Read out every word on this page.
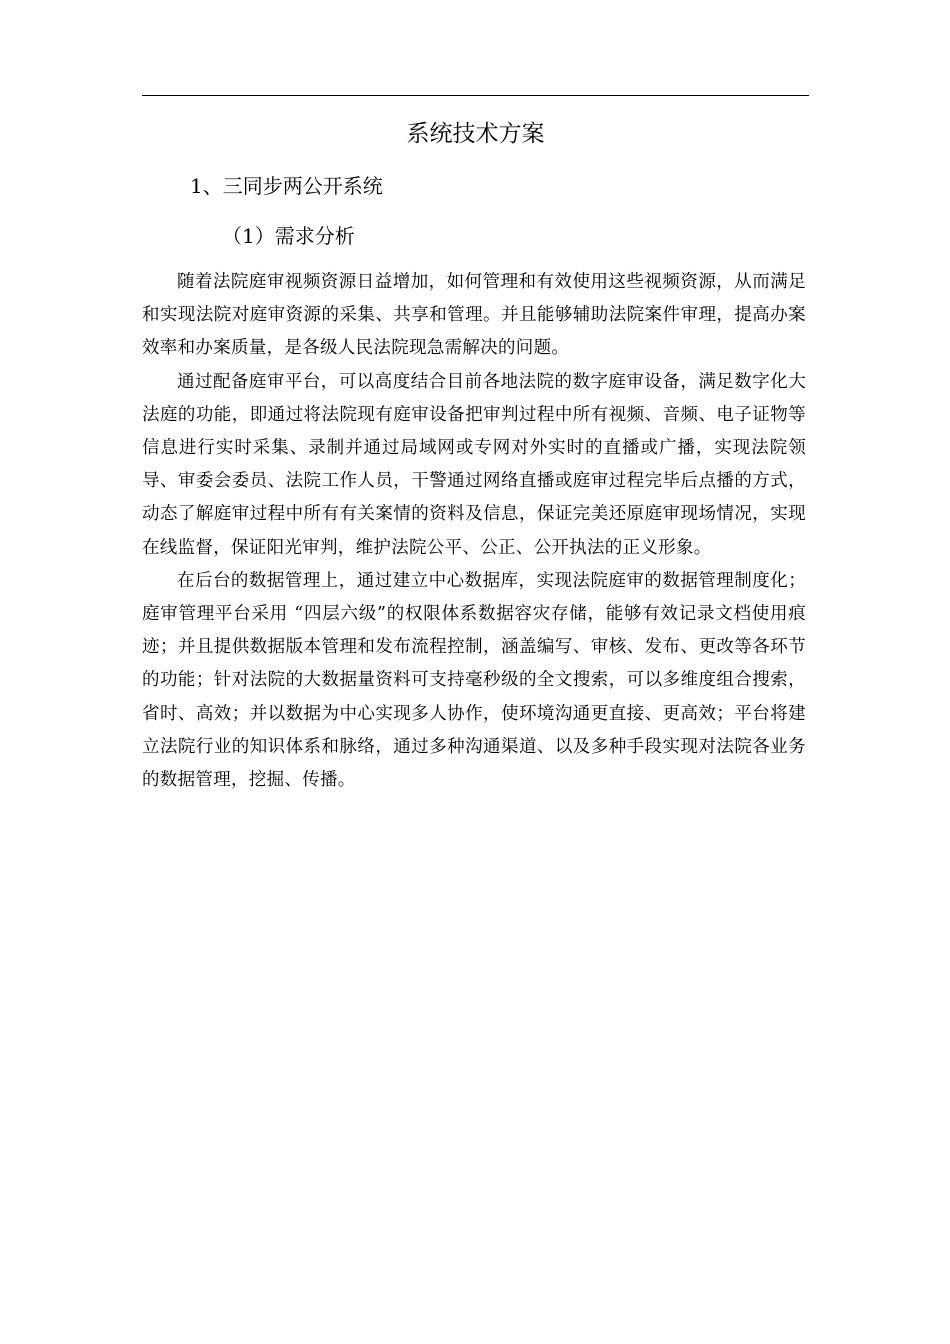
系统技术方案
1、三同步两公开系统
（1）需求分析

随着法院庭审视频资源日益增加，如何管理和有效使用这些视频资源，从而满足和实现法院对庭审资源的采集、共享和管理。并且能够辅助法院案件审理，提高办案效率和办案质量，是各级人民法院现急需解决的问题。

通过配备庭审平台，可以高度结合目前各地法院的数字庭审设备，满足数字化大法庭的功能，即通过将法院现有庭审设备把审判过程中所有视频、音频、电子证物等信息进行实时采集、录制并通过局域网或专网对外实时的直播或广播，实现法院领导、审委会委员、法院工作人员，干警通过网络直播或庭审过程完毕后点播的方式，动态了解庭审过程中所有有关案情的资料及信息，保证完美还原庭审现场情况，实现在线监督，保证阳光审判，维护法院公平、公正、公开执法的正义形象。

在后台的数据管理上，通过建立中心数据库，实现法院庭审的数据管理制度化；庭审管理平台采用 “四层六级”的权限体系数据容灾存储，能够有效记录文档使用痕迹；并且提供数据版本管理和发布流程控制，涵盖编写、审核、发布、更改等各环节的功能；针对法院的大数据量资料可支持毫秒级的全文搜索，可以多维度组合搜索，省时、高效；并以数据为中心实现多人协作，使环境沟通更直接、更高效；平台将建立法院行业的知识体系和脉络，通过多种沟通渠道、以及多种手段实现对法院各业务的数据管理，挖掘、传播。
